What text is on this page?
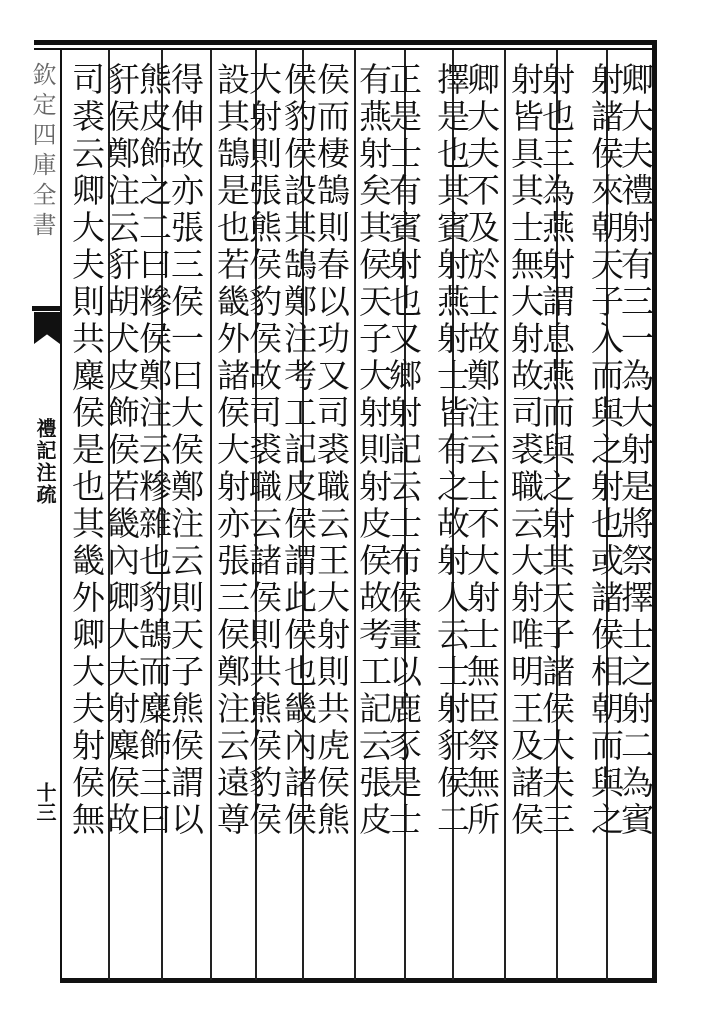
欽定四庫全書
禮記注疏
十三	卿大夫禮射有三一為大射是將祭擇士之射二為賓
射諸侯來朝天子入而與之射也或諸侯相朝而與之
射也三為燕射謂息燕而與之射其天子諸侯大夫三
射皆具其士無大射故司裘職云大射唯明王及諸侯
卿大夫不及於士故鄭注云士不大射士無臣祭無所
擇是也其賓射燕射士皆有之故射人云士射豻侯二
正是士有賓射也又鄉射記云士布侯畫以鹿豕是士
有燕射矣其侯天子大射則射皮侯故考工記云張皮
侯而棲鵠則春以功又司裘職云王大射則共虎侯熊
侯豹侯設其鵠鄭注考工記皮侯謂此侯也畿內諸侯
大射則張熊侯豹侯故司裘職云諸侯則共熊侯豹侯
設其鵠是也若畿外諸侯大射亦張三侯鄭注云遠尊
得伸故亦張三侯一曰大侯鄭注云則天子熊侯謂以
熊皮飾之二曰糝侯鄭注云糝雜也豹鵠而麋飾三曰
豻侯鄭注云豻胡犬皮飾侯若畿內卿大夫射麋侯故
司裘云卿大夫則共麋侯是也其畿外卿大夫射侯無
